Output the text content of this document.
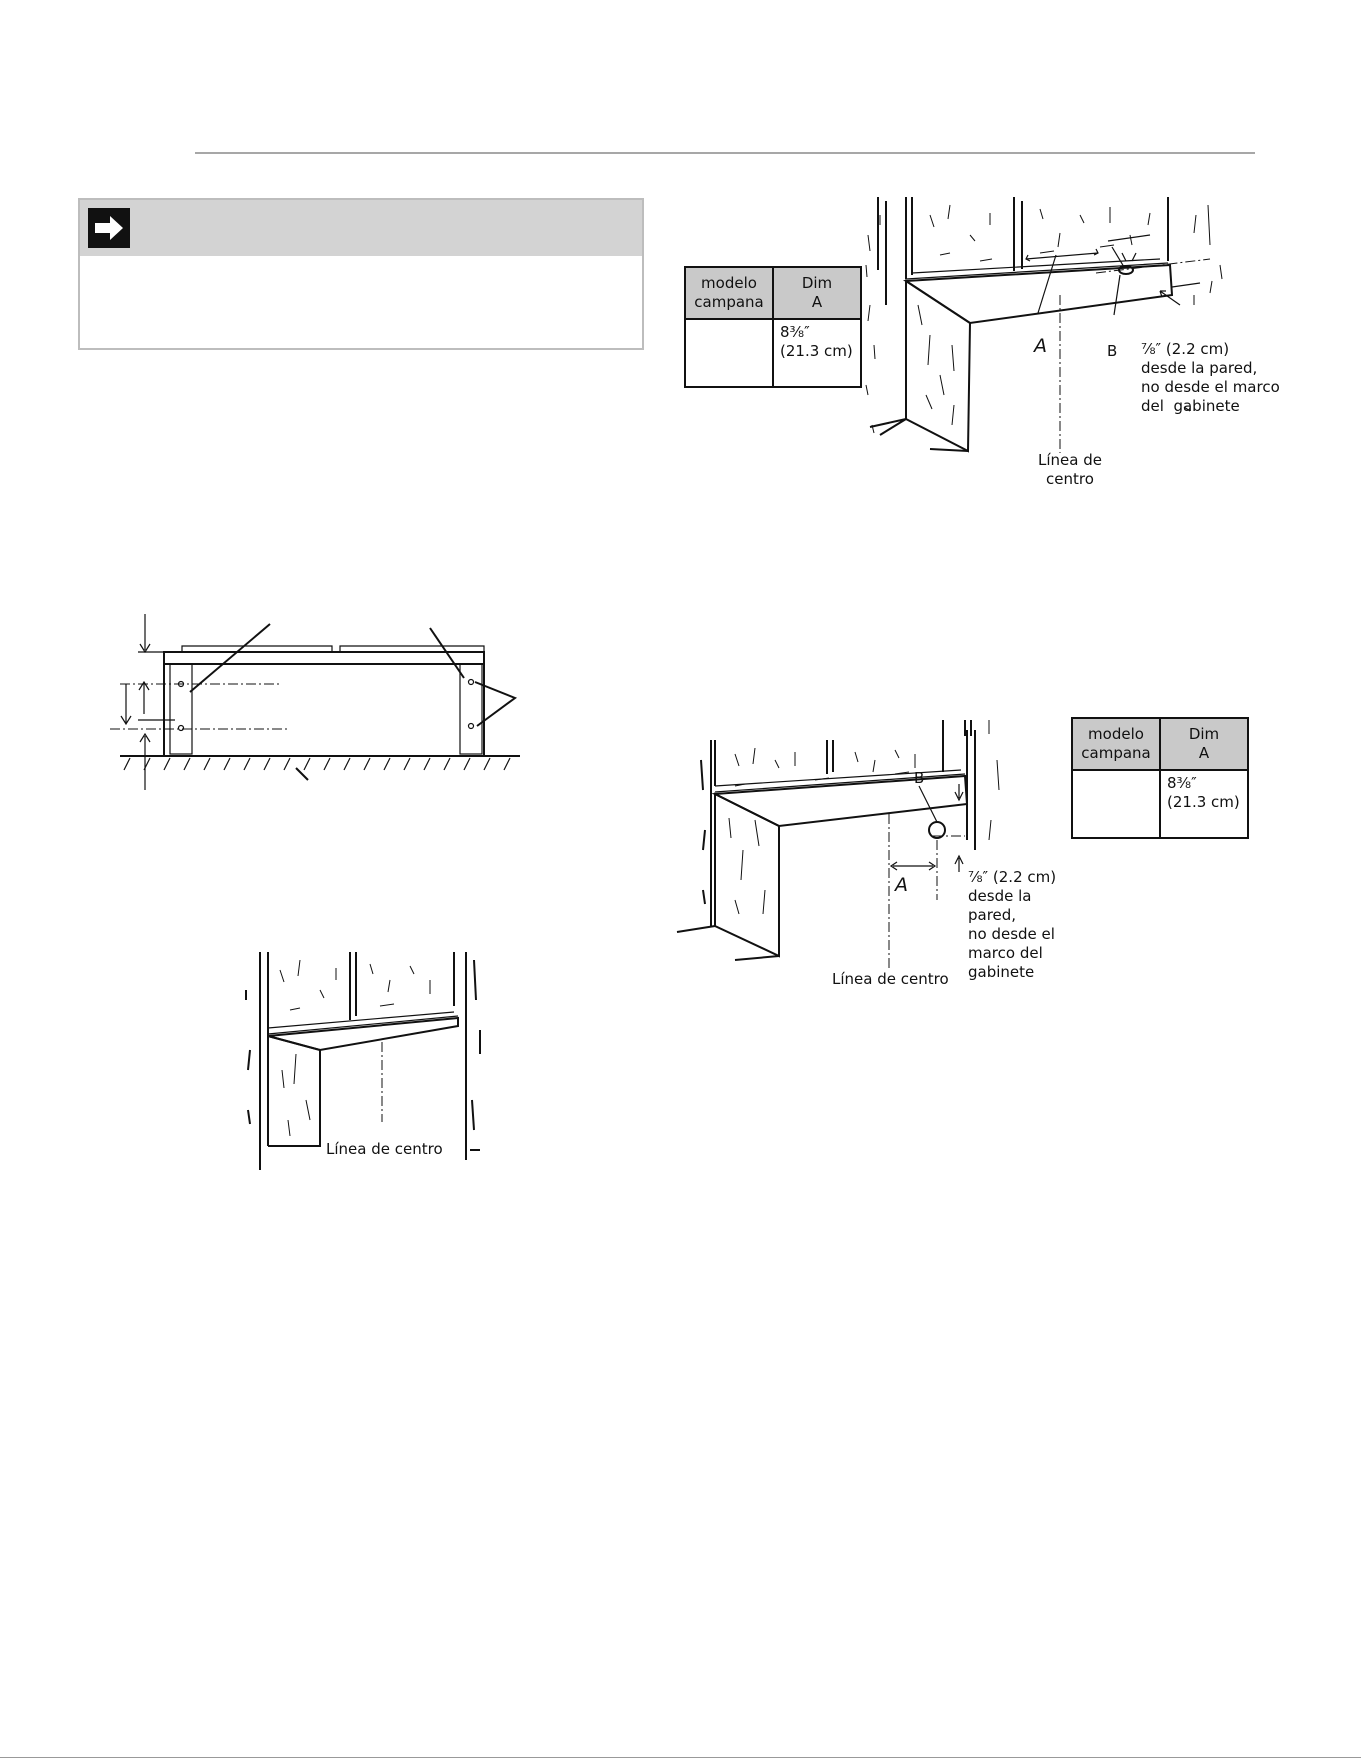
A	B ⅞″ (2.2 cm)
desde la pared,
no desde el marco
del  gabinete
Línea de
centro
modelo
campana	Dim
A
	8⅜″
(21.3 cm)
Línea de centro
B
A	⅞″ (2.2 cm)
desde la
pared,
no desde el
marco del
gabinete
Línea de centro
modelo
campana	Dim
A
	8⅜″
(21.3 cm)
